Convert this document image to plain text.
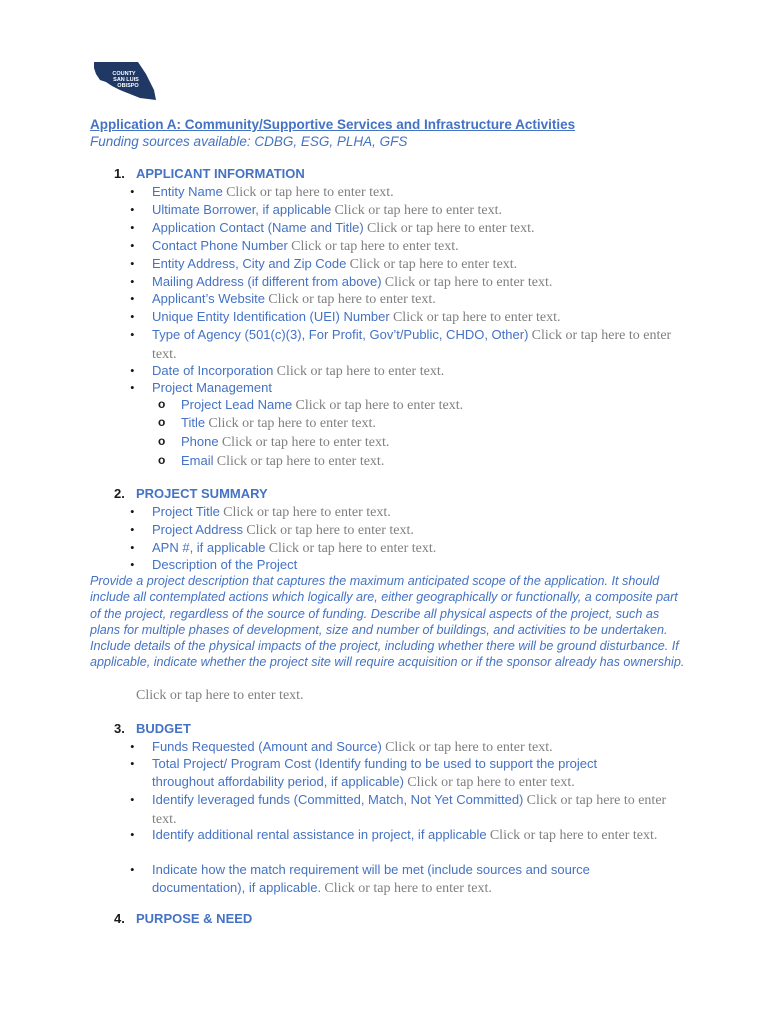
COUNTY
SAN LUIS
OBISPO
Application A: Community/Supportive Services and Infrastructure Activities
Funding sources available: CDBG, ESG, PLHA, GFS
1. APPLICANT INFORMATION
• Entity Name Click or tap here to enter text.
• Ultimate Borrower, if applicable Click or tap here to enter text.
• Application Contact (Name and Title) Click or tap here to enter text.
• Contact Phone Number Click or tap here to enter text.
• Entity Address, City and Zip Code Click or tap here to enter text.
• Mailing Address (if different from above) Click or tap here to enter text.
• Applicant’s Website Click or tap here to enter text.
• Unique Entity Identification (UEI) Number Click or tap here to enter text.
• Type of Agency (501(c)(3), For Profit, Gov’t/Public, CHDO, Other) Click or tap here to enter text.
• Date of Incorporation Click or tap here to enter text.
• Project Management
o Project Lead Name Click or tap here to enter text.
o Title Click or tap here to enter text.
o Phone Click or tap here to enter text.
o Email Click or tap here to enter text.
2. PROJECT SUMMARY
• Project Title Click or tap here to enter text.
• Project Address Click or tap here to enter text.
• APN #, if applicable Click or tap here to enter text.
• Description of the Project
Provide a project description that captures the maximum anticipated scope of the application. It should include all contemplated actions which logically are, either geographically or functionally, a composite part of the project, regardless of the source of funding. Describe all physical aspects of the project, such as plans for multiple phases of development, size and number of buildings, and activities to be undertaken. Include details of the physical impacts of the project, including whether there will be ground disturbance. If applicable, indicate whether the project site will require acquisition or if the sponsor already has ownership.
Click or tap here to enter text.
3. BUDGET
• Funds Requested (Amount and Source) Click or tap here to enter text.
• Total Project/ Program Cost (Identify funding to be used to support the project throughout affordability period, if applicable) Click or tap here to enter text.
• Identify leveraged funds (Committed, Match, Not Yet Committed) Click or tap here to enter text.
• Identify additional rental assistance in project, if applicable Click or tap here to enter text.
• Indicate how the match requirement will be met (include sources and source documentation), if applicable. Click or tap here to enter text.
4. PURPOSE & NEED
